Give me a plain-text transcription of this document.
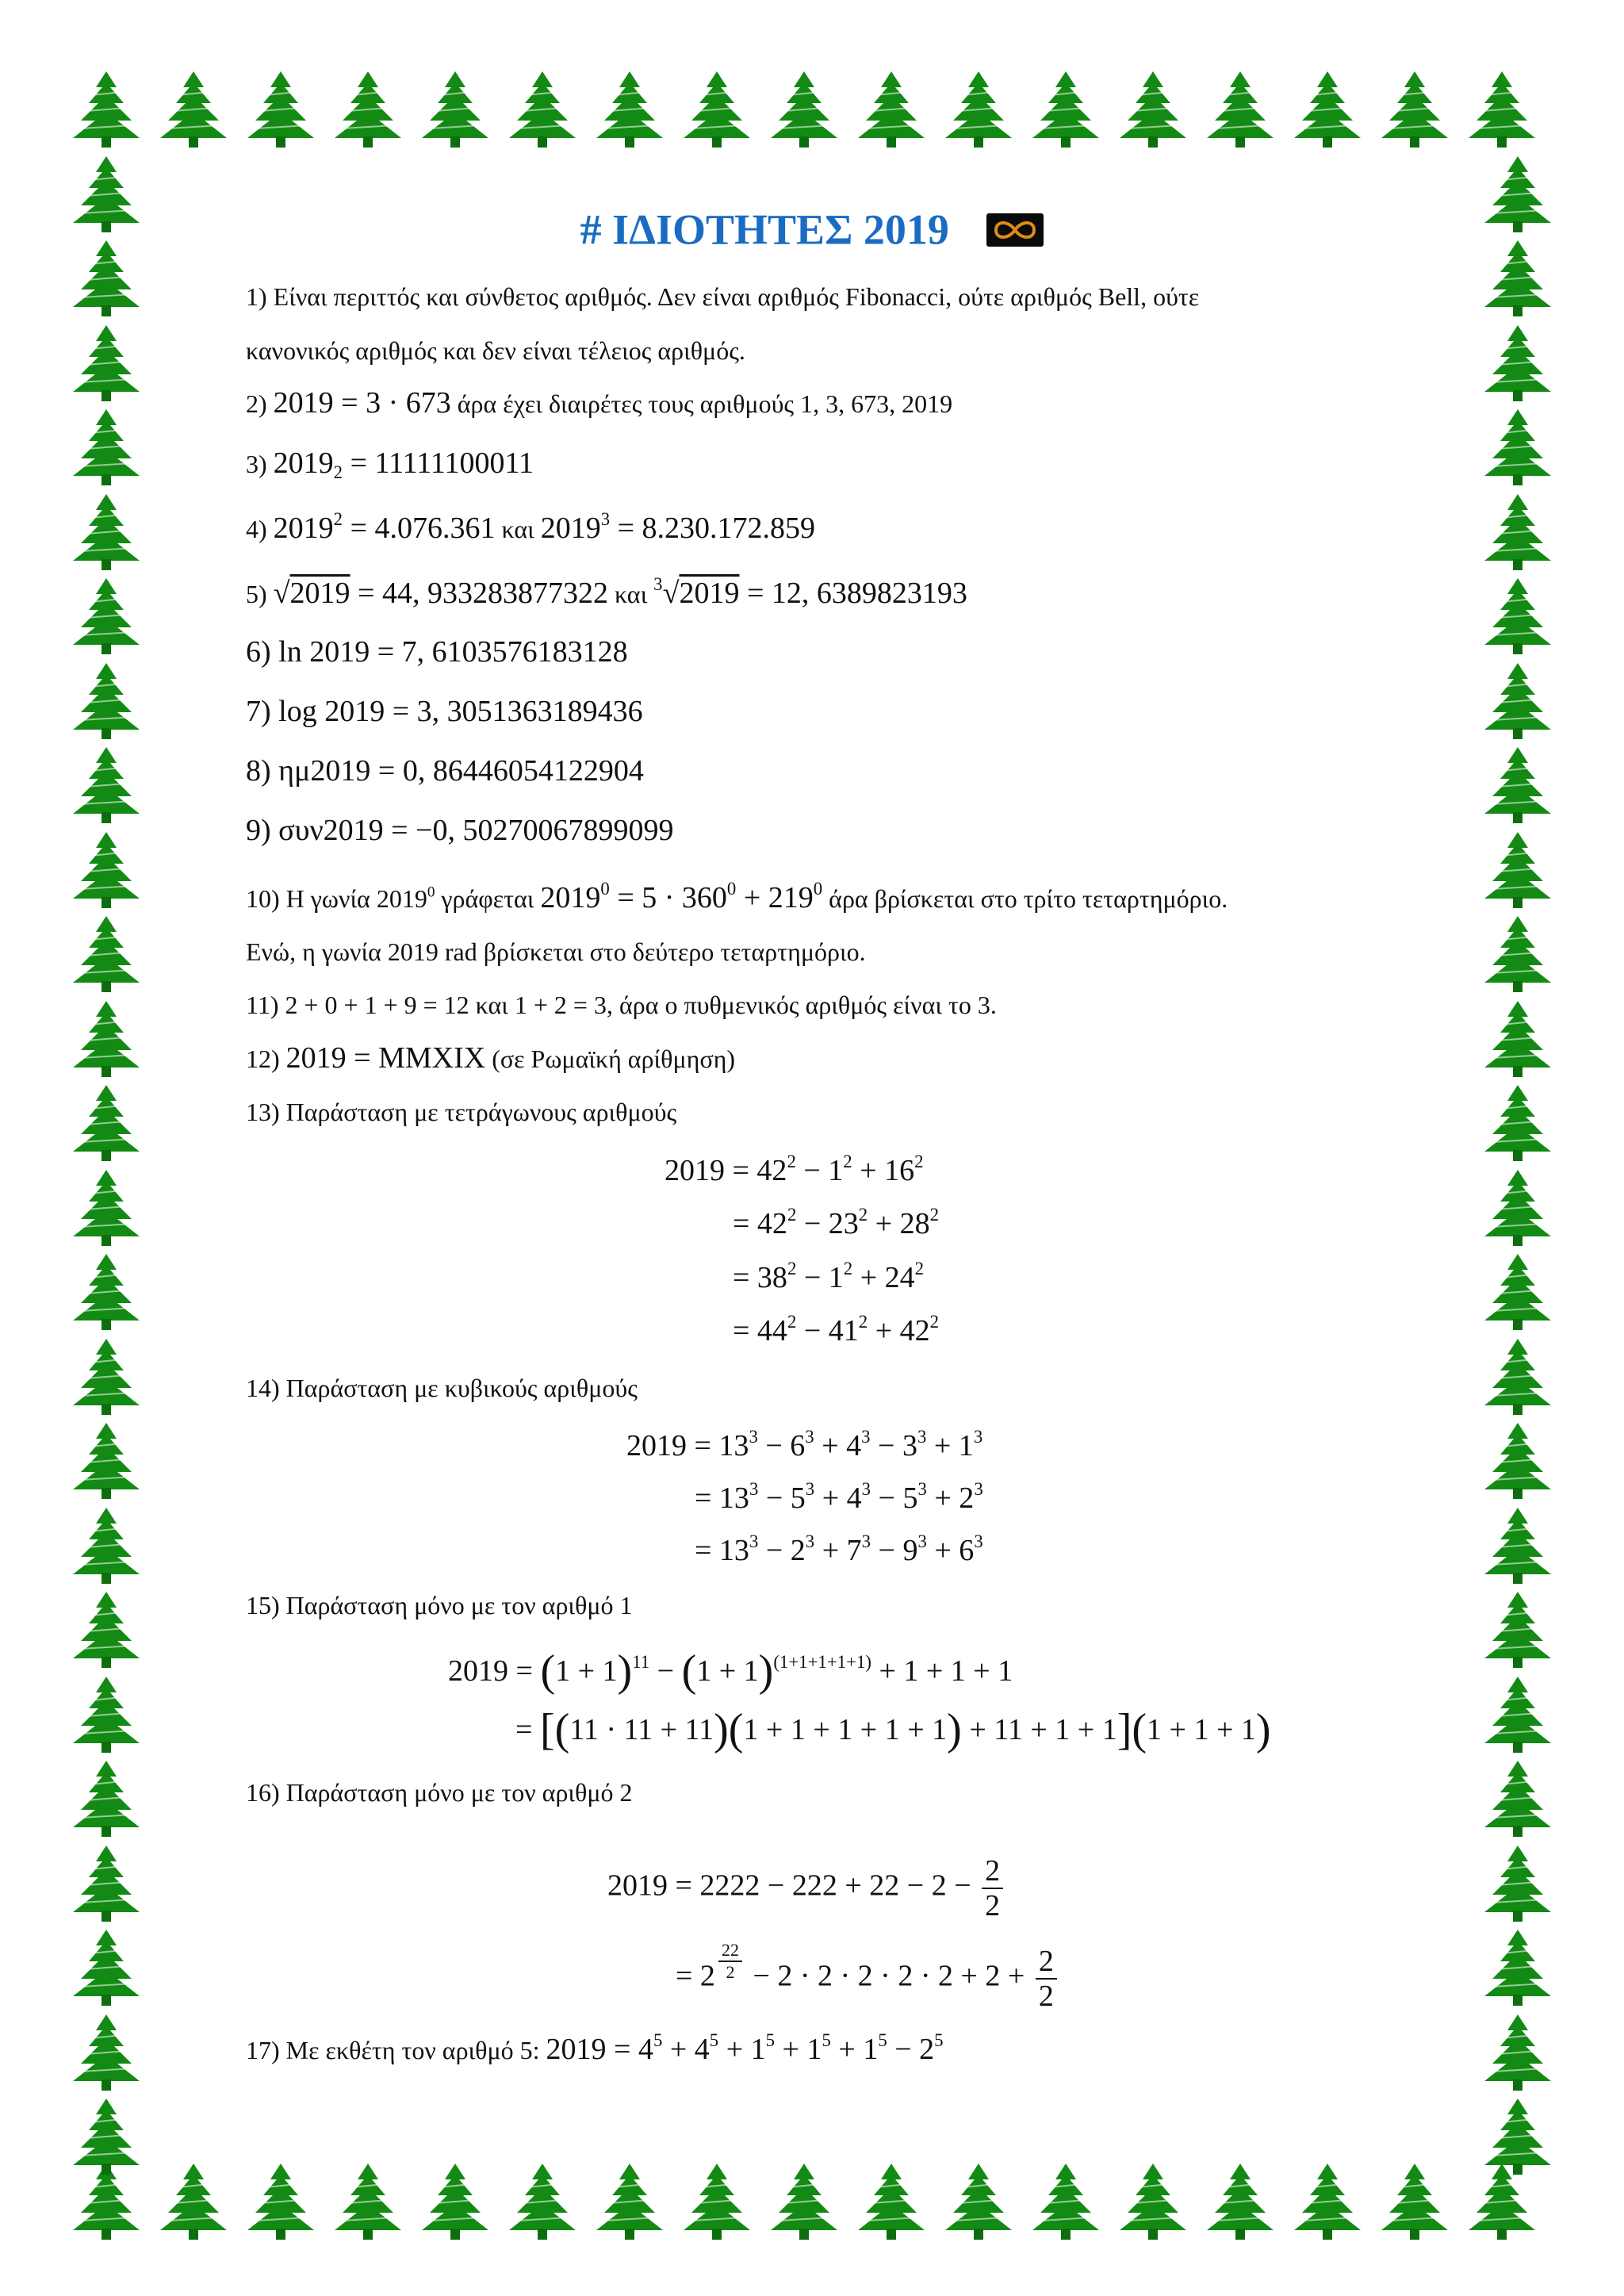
# ΙΔΙΟΤΗΤΕΣ 2019
1) Είναι περιττός και σύνθετος αριθμός. Δεν είναι αριθμός Fibonacci, ούτε αριθμός Bell, ούτε
κανονικός αριθμός και δεν είναι τέλειος αριθμός.
2) 2019 = 3 · 673 άρα έχει διαιρέτες τους αριθμούς 1, 3, 673, 2019
3) $2019_2 = 11111100011$
4) $2019^2 = 4.076.361$ και $2019^3 = 8.230.172.859$
5) √2019 = 44, 933283877322 και $^3$√2019 = 12, 6389823193
6) ln 2019 = 7, 6103576183128
7) log 2019 = 3, 3051363189436
8) ημ2019 = 0, 86446054122904
9) συν2019 = −0, 50270067899099
10) Η γωνία 2019$^0$ γράφεται $2019^0 = 5 \cdot 360^0 + 219^0$ άρα βρίσκεται στο τρίτο τεταρτημόριο.
Ενώ, η γωνία 2019 rad βρίσκεται στο δεύτερο τεταρτημόριο.
11) 2 + 0 + 1 + 9 = 12 και 1 + 2 = 3, άρα ο πυθμενικός αριθμός είναι το 3.
12) 2019 = MMXIX (σε Ρωμαϊκή αρίθμηση)
13) Παράσταση με τετράγωνους αριθμούς
14) Παράσταση με κυβικούς αριθμούς
15) Παράσταση μόνο με τον αριθμό 1
16) Παράσταση μόνο με τον αριθμό 2
17) Με εκθέτη τον αριθμό 5: $2019 = 4^5 + 4^5 + 1^5 + 1^5 + 1^5 - 2^5$
$2019 = 42^2 - 1^2 + 16^2$
= $42^2 - 23^2 + 28^2$
= $38^2 - 1^2 + 24^2$
= $44^2 - 41^2 + 42^2$
$2019 = 13^3 - 6^3 + 4^3 - 3^3 + 1^3$
= $13^3 - 5^3 + 4^3 - 5^3 + 2^3$
= $13^3 - 2^3 + 7^3 - 9^3 + 6^3$
$2019 = (1 + 1)^{11} - (1 + 1)^{(1+1+1+1+1)} + 1 + 1 + 1$
= [(11 · 11 + 11)(1 + 1 + 1 + 1 + 1) + 11 + 1 + 1](1 + 1 + 1)
$2019 = 2222 - 222 + 22 - 2 - \frac{2}{2}$
= 2 $^{\frac{22}{2}} - 2 \cdot 2 \cdot 2 \cdot 2 \cdot 2 + 2 + \frac{2}{2}$
